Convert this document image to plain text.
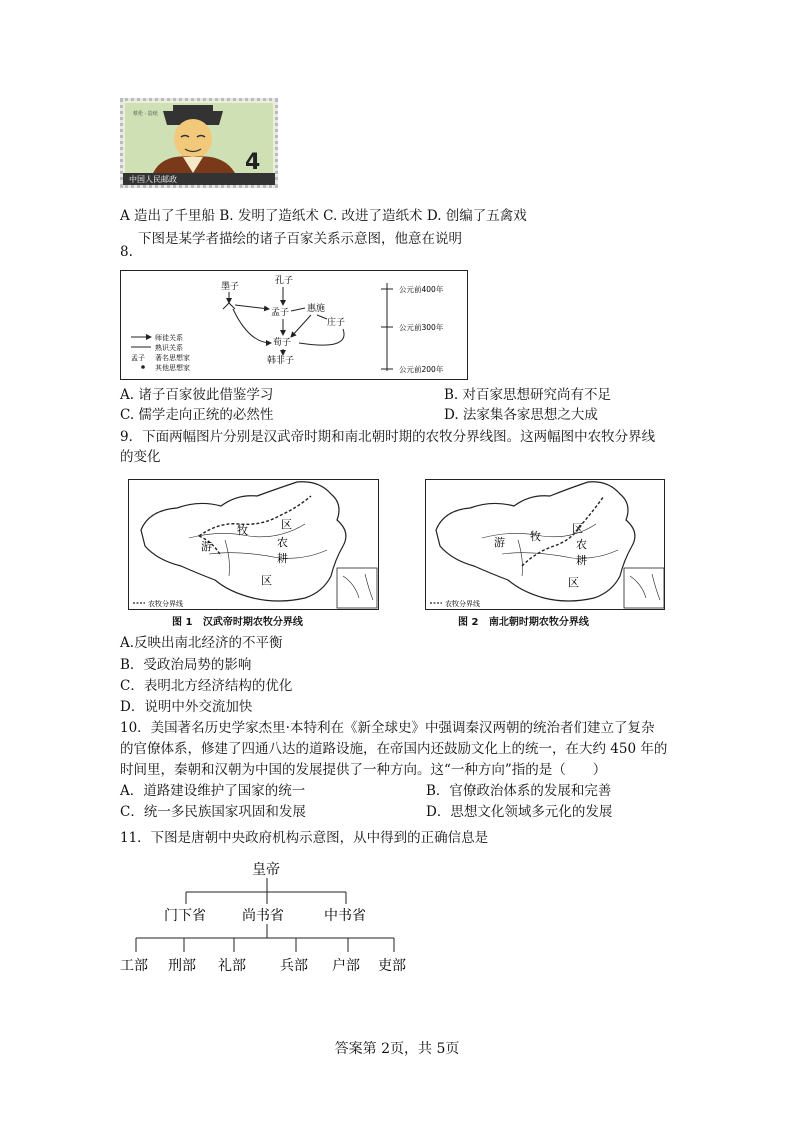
中国人民邮政
4
蔡伦 · 造纸
A 造出了千里船 B. 发明了造纸术 C. 改进了造纸术 D. 创编了五禽戏
下图是某学者描绘的诸子百家关系示意图，他意在说明
8.
墨子
孔子
孟子 惠施
庄子
荀子
韩非子
师徒关系
熟识关系
孟子 著名思想家
其他思想家
公元前400年
公元前300年
公元前200年
A. 诸子百家彼此借鉴学习	B. 对百家思想研究尚有不足
C. 儒学走向正统的必然性	D. 法家集各家思想之大成
9．下面两幅图片分别是汉武帝时期和南北朝时期的农牧分界线图。这两幅图中农牧分界线
的变化
牧	区
游	农
耕
区
农牧分界线
图 1   汉武帝时期农牧分界线
牧
区
游	农
耕
区
农牧分界线
图 2   南北朝时期农牧分界线
A.反映出南北经济的不平衡
B．受政治局势的影响
C．表明北方经济结构的优化
D．说明中外交流加快
10．美国著名历史学家杰里·本特利在《新全球史》中强调秦汉两朝的统治者们建立了复杂
的官僚体系，修建了四通八达的道路设施，在帝国内还鼓励文化上的统一，在大约 450 年的
时间里，秦朝和汉朝为中国的发展提供了一种方向。这“一种方向”指的是（　　）
A．道路建设维护了国家的统一	B．官僚政治体系的发展和完善
C．统一多民族国家巩固和发展	D．思想文化领域多元化的发展
11．下图是唐朝中央政府机构示意图，从中得到的正确信息是
皇帝
门下省	尚书省	中书省
工部 刑部 礼部 兵部 户部 吏部
答案第 2页，共 5页
